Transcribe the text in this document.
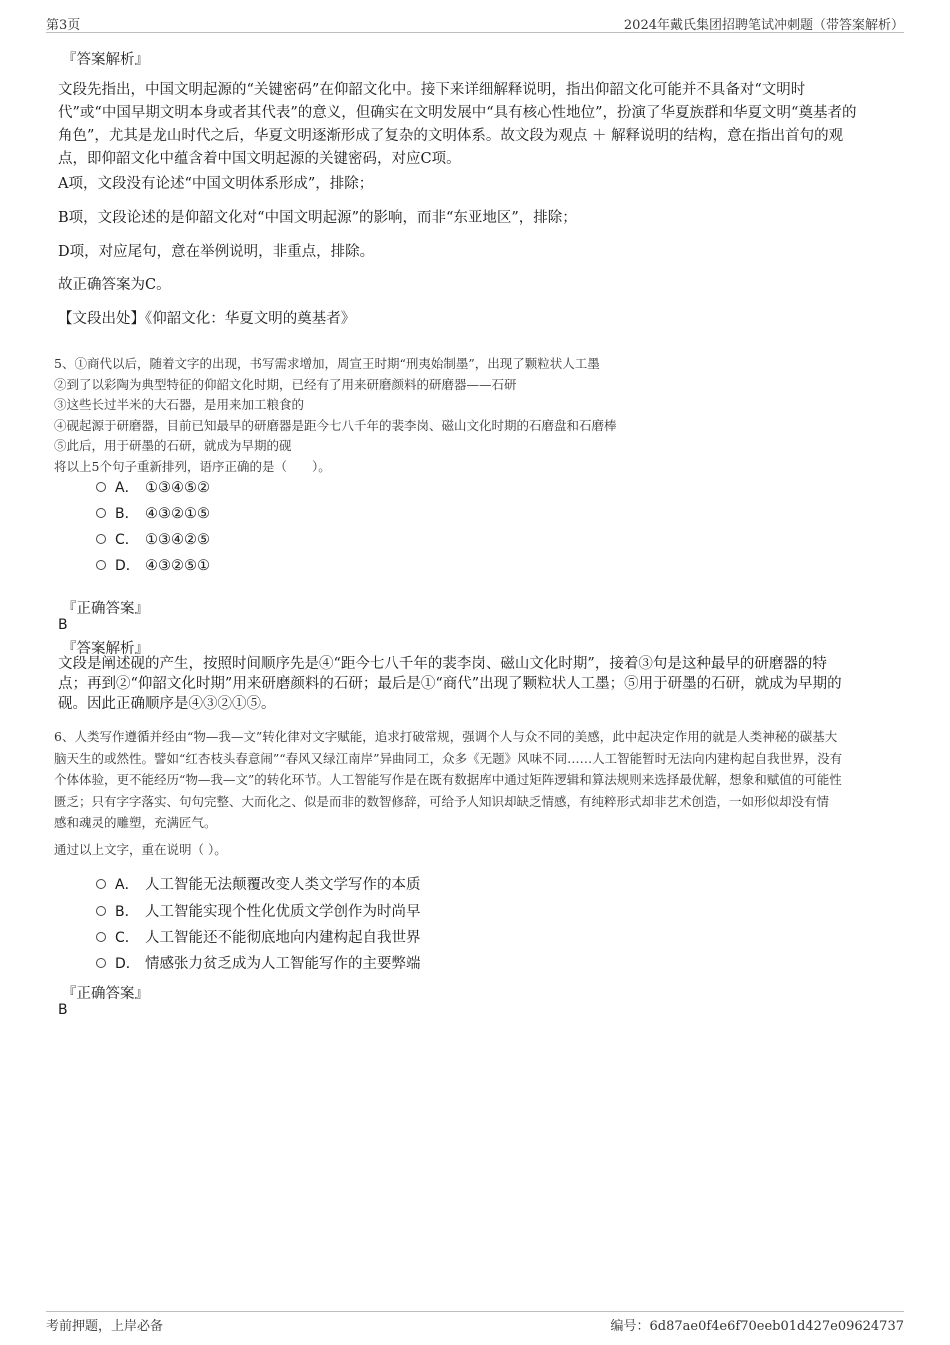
第3页	2024年戴氏集团招聘笔试冲刺题（带答案解析）
『答案解析』
文段先指出，中国文明起源的“关键密码”在仰韶文化中。接下来详细解释说明，指出仰韶文化可能并不具备对“文明时
代”或“中国早期文明本身或者其代表”的意义，但确实在文明发展中“具有核心性地位”，扮演了华夏族群和华夏文明“奠基者的
角色”，尤其是龙山时代之后，华夏文明逐渐形成了复杂的文明体系。故文段为观点 ＋ 解释说明的结构，意在指出首句的观
点，即仰韶文化中蕴含着中国文明起源的关键密码，对应C项。
A项，文段没有论述“中国文明体系形成”，排除；
B项，文段论述的是仰韶文化对“中国文明起源”的影响，而非“东亚地区”，排除；
D项，对应尾句，意在举例说明，非重点，排除。
故正确答案为C。
【文段出处】《仰韶文化：华夏文明的奠基者》
5、①商代以后，随着文字的出现，书写需求增加，周宣王时期“刑夷始制墨”，出现了颗粒状人工墨
②到了以彩陶为典型特征的仰韶文化时期，已经有了用来研磨颜料的研磨器——石研
③这些长过半米的大石器，是用来加工粮食的
④砚起源于研磨器，目前已知最早的研磨器是距今七八千年的裴李岗、磁山文化时期的石磨盘和石磨棒
⑤此后，用于研墨的石研，就成为早期的砚
将以上5个句子重新排列，语序正确的是（　　）。
A． ①③④⑤②
B． ④③②①⑤
C． ①③④②⑤
D． ④③②⑤①
『正确答案』
B
『答案解析』
文段是阐述砚的产生，按照时间顺序先是④“距今七八千年的裴李岗、磁山文化时期”，接着③句是这种最早的研磨器的特
点；再到②“仰韶文化时期”用来研磨颜料的石研；最后是①“商代”出现了颗粒状人工墨；⑤用于研墨的石研，就成为早期的
砚。因此正确顺序是④③②①⑤。
6、人类写作遵循并经由“物—我—文”转化律对文字赋能，追求打破常规，强调个人与众不同的美感，此中起决定作用的就是人类神秘的碳基大
脑天生的或然性。譬如“红杏枝头春意闹”“春风又绿江南岸”异曲同工，众多《无题》风味不同……人工智能暂时无法向内建构起自我世界，没有
个体体验，更不能经历“物—我—文”的转化环节。人工智能写作是在既有数据库中通过矩阵逻辑和算法规则来选择最优解，想象和赋值的可能性
匮乏；只有字字落实、句句完整、大而化之、似是而非的数智修辞，可给予人知识却缺乏情感，有纯粹形式却非艺术创造，一如形似却没有情
感和魂灵的雕塑，充满匠气。
通过以上文字，重在说明（ ）。
A． 人工智能无法颠覆改变人类文学写作的本质
B． 人工智能实现个性化优质文学创作为时尚早
C． 人工智能还不能彻底地向内建构起自我世界
D． 情感张力贫乏成为人工智能写作的主要弊端
『正确答案』
B
考前押题，上岸必备	编号：6d87ae0f4e6f70eeb01d427e09624737
